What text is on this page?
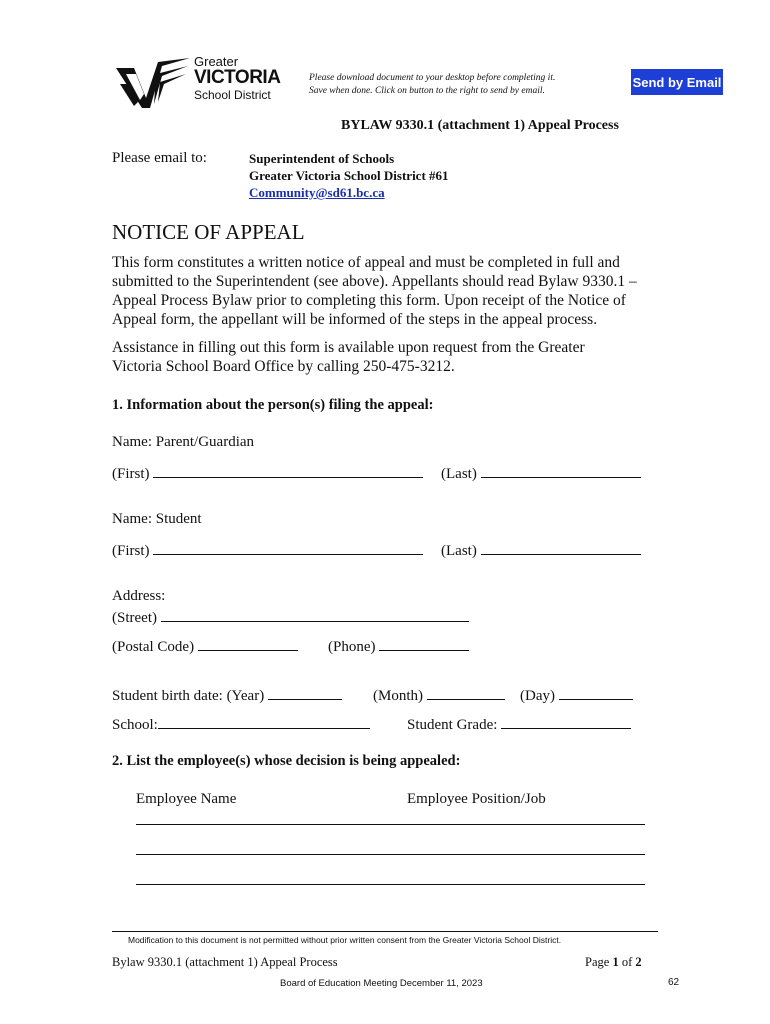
Greater
VICTORIA
School District
Please download document to your desktop before completing it.
Save when done. Click on button to the right to send by email.
Send by Email
BYLAW 9330.1 (attachment 1) Appeal Process
Please email to:	Superintendent of Schools
Greater Victoria School District #61
Community@sd61.bc.ca
NOTICE OF APPEAL
This form constitutes a written notice of appeal and must be completed in full and
submitted to the Superintendent (see above). Appellants should read Bylaw 9330.1 –
Appeal Process Bylaw prior to completing this form. Upon receipt of the Notice of
Appeal form, the appellant will be informed of the steps in the appeal process.
Assistance in filling out this form is available upon request from the Greater
Victoria School Board Office by calling 250-475-3212.
1. Information about the person(s) filing the appeal:
Name: Parent/Guardian
(First)	(Last)
Name: Student
(First)	(Last)
Address:
(Street)
(Postal Code)	(Phone)
Student birth date: (Year)	(Month)	(Day)
School:	Student Grade:
2. List the employee(s) whose decision is being appealed:
Employee Name	Employee Position/Job
Modification to this document is not permitted without prior written consent from the Greater Victoria School District.
Bylaw 9330.1 (attachment 1) Appeal Process	Page 1 of 2
Board of Education Meeting December 11, 2023	62
